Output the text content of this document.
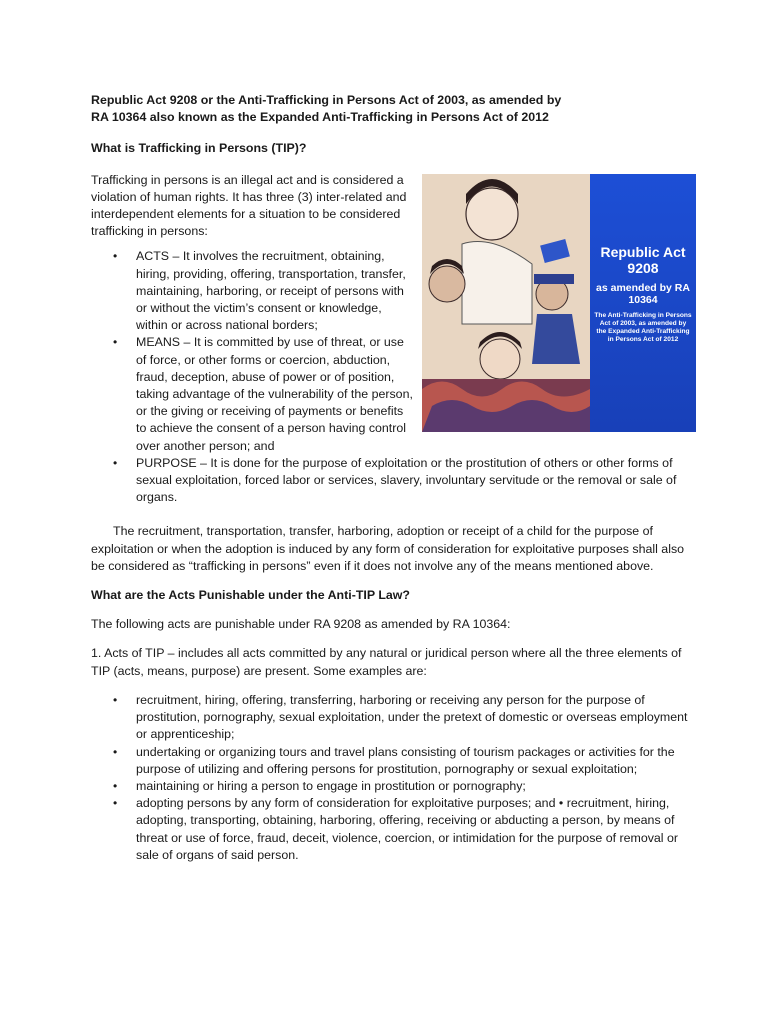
Republic Act 9208 or the Anti-Trafficking in Persons Act of 2003, as amended by
RA 10364 also known as the Expanded Anti-Trafficking in Persons Act of 2012

What is Trafficking in Persons (TIP)?

Trafficking in persons is an illegal act and is considered a violation of human rights. It has three (3) inter-related and interdependent elements for a situation to be considered trafficking in persons:

• ACTS – It involves the recruitment, obtaining, hiring, providing, offering, transportation, transfer, maintaining, harboring, or receipt of persons with or without the victim’s consent or knowledge, within or across national borders;
• MEANS – It is committed by use of threat, or use of force, or other forms or coercion, abduction, fraud, deception, abuse of power or of position, taking advantage of the vulnerability of the person, or the giving or receiving of payments or benefits to achieve the consent of a person having control over another person; and
• PURPOSE – It is done for the purpose of exploitation or the prostitution of others or other forms of sexual exploitation, forced labor or services, slavery, involuntary servitude or the removal or sale of organs.

The recruitment, transportation, transfer, harboring, adoption or receipt of a child for the purpose of exploitation or when the adoption is induced by any form of consideration for exploitative purposes shall also be considered as “trafficking in persons” even if it does not involve any of the means mentioned above.

What are the Acts Punishable under the Anti-TIP Law?

The following acts are punishable under RA 9208 as amended by RA 10364:

1. Acts of TIP – includes all acts committed by any natural or juridical person where all the three elements of TIP (acts, means, purpose) are present. Some examples are:

• recruitment, hiring, offering, transferring, harboring or receiving any person for the purpose of prostitution, pornography, sexual exploitation, under the pretext of domestic or overseas employment or apprenticeship;
• undertaking or organizing tours and travel plans consisting of tourism packages or activities for the purpose of utilizing and offering persons for prostitution, pornography or sexual exploitation;
• maintaining or hiring a person to engage in prostitution or pornography;
• adopting persons by any form of consideration for exploitative purposes; and • recruitment, hiring, adopting, transporting, obtaining, harboring, offering, receiving or abducting a person, by means of threat or use of force, fraud, deceit, violence, coercion, or intimidation for the purpose of removal or sale of organs of said person.
Republic Act 9208
as amended by RA 10364
The Anti-Trafficking in Persons Act of 2003, as amended by the Expanded Anti-Trafficking in Persons Act of 2012
